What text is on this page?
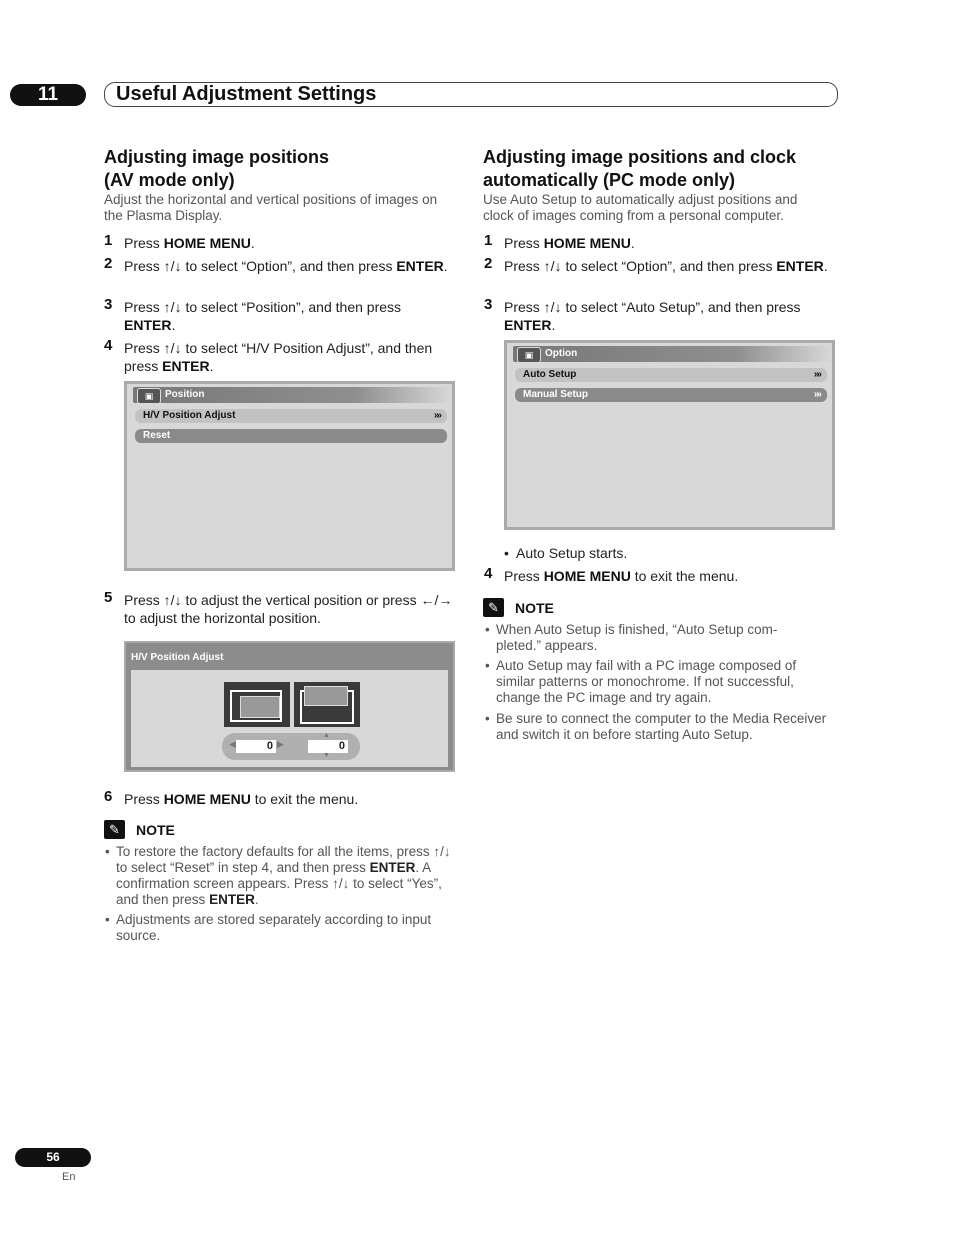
11	Useful Adjustment Settings
Adjusting image positions
(AV mode only)
Adjust the horizontal and vertical positions of images on the Plasma Display.
1 Press HOME MENU.
2 Press ↑/↓ to select “Option”, and then press ENTER.
3 Press ↑/↓ to select “Position”, and then press ENTER.
4 Press ↑/↓ to select “H/V Position Adjust”, and then press ENTER.
▣	Position
H/V Position Adjust	»»
Reset
5 Press ↑/↓ to adjust the vertical position or press ←/→ to adjust the horizontal position.
H/V Position Adjust
◀	0 ▶
▲
0
▼
6 Press HOME MENU to exit the menu.
✎	NOTE
• To restore the factory defaults for all the items, press ↑/↓ to select “Reset” in step 4, and then press ENTER. A confirmation screen appears. Press ↑/↓ to select “Yes”, and then press ENTER.
• Adjustments are stored separately according to input source.
Adjusting image positions and clock
automatically (PC mode only)
Use Auto Setup to automatically adjust positions and clock of images coming from a personal computer.
1 Press HOME MENU.
2 Press ↑/↓ to select “Option”, and then press ENTER.
3 Press ↑/↓ to select “Auto Setup”, and then press ENTER.
▣	Option
Auto Setup	»»
Manual Setup	»»
• Auto Setup starts.
4 Press HOME MENU to exit the menu.
✎	NOTE
• When Auto Setup is finished, “Auto Setup com-pleted.” appears.
• Auto Setup may fail with a PC image composed of similar patterns or monochrome. If not successful, change the PC image and try again.
• Be sure to connect the computer to the Media Receiver and switch it on before starting Auto Setup.
56
En
